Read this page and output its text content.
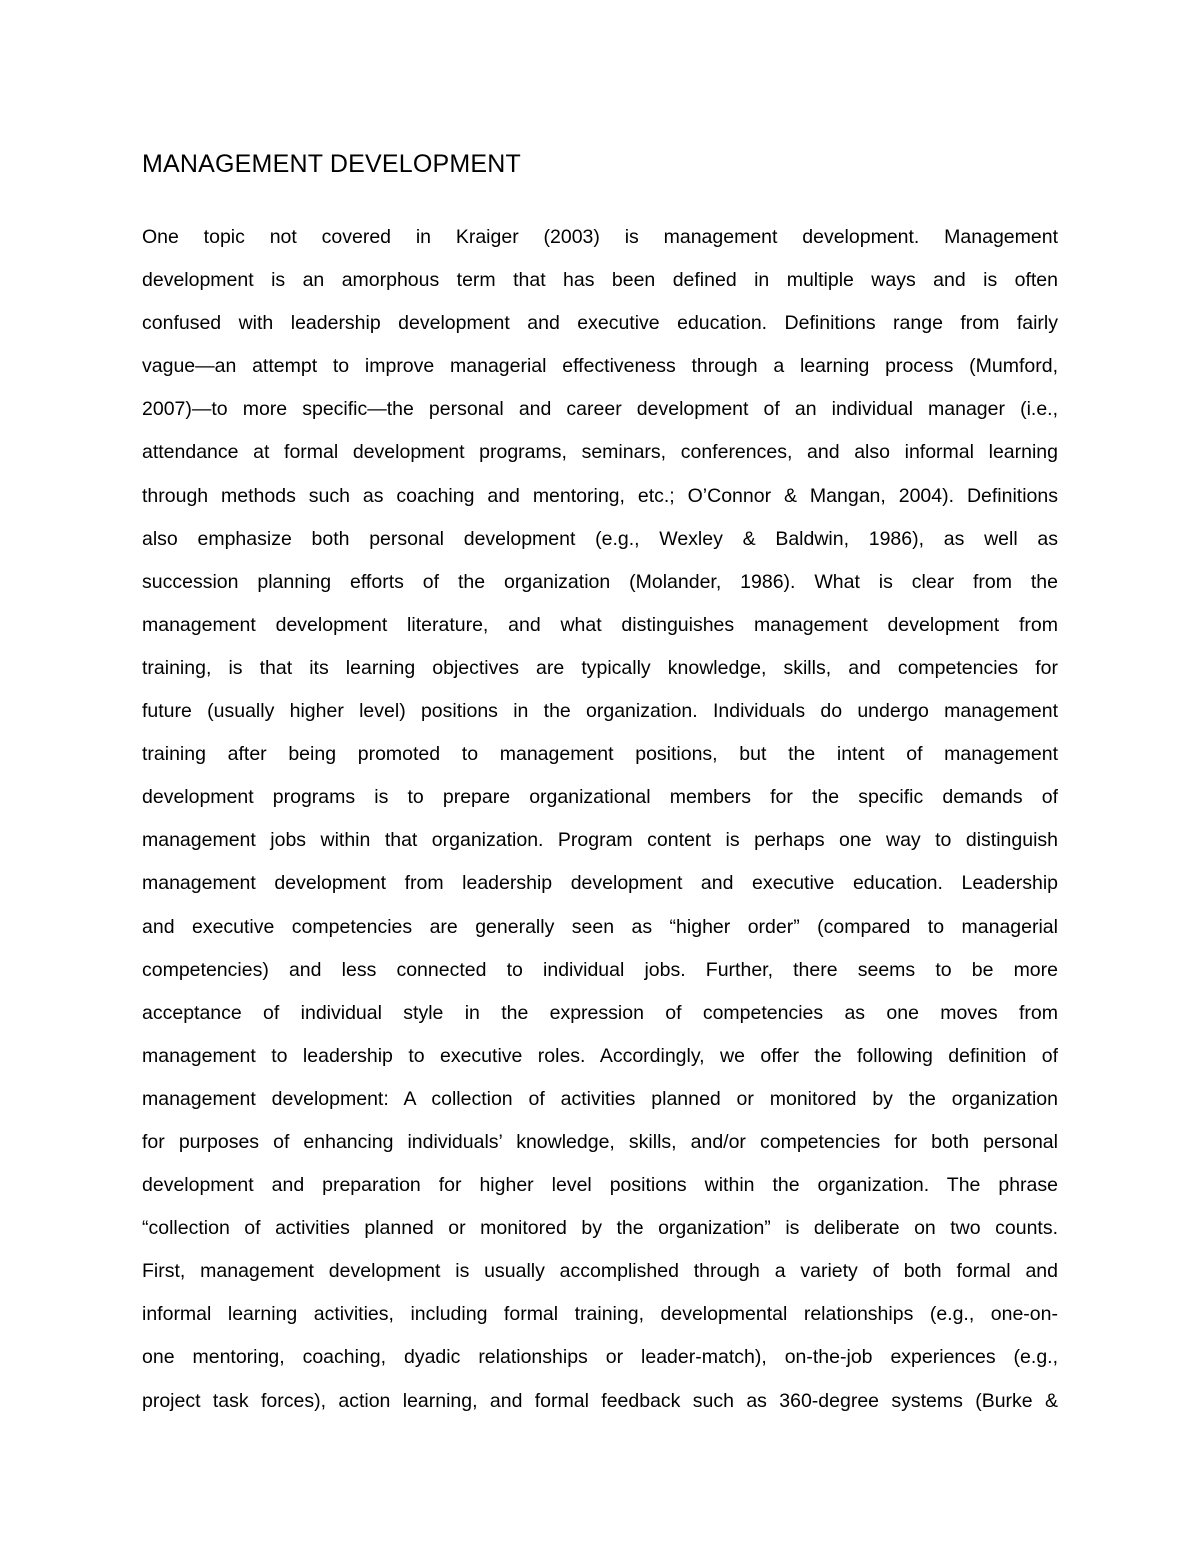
MANAGEMENT DEVELOPMENT

One topic not covered in Kraiger (2003) is management development. Management
development is an amorphous term that has been defined in multiple ways and is often
confused with leadership development and executive education. Definitions range from fairly
vague—an attempt to improve managerial effectiveness through a learning process (Mumford,
2007)—to more specific—the personal and career development of an individual manager (i.e.,
attendance at formal development programs, seminars, conferences, and also informal learning
through methods such as coaching and mentoring, etc.; O’Connor & Mangan, 2004). Definitions
also emphasize both personal development (e.g., Wexley & Baldwin, 1986), as well as
succession planning efforts of the organization (Molander, 1986). What is clear from the
management development literature, and what distinguishes management development from
training, is that its learning objectives are typically knowledge, skills, and competencies for
future (usually higher level) positions in the organization. Individuals do undergo management
training after being promoted to management positions, but the intent of management
development programs is to prepare organizational members for the specific demands of
management jobs within that organization. Program content is perhaps one way to distinguish
management development from leadership development and executive education. Leadership
and executive competencies are generally seen as “higher order” (compared to managerial
competencies) and less connected to individual jobs. Further, there seems to be more
acceptance of individual style in the expression of competencies as one moves from
management to leadership to executive roles. Accordingly, we offer the following definition of
management development: A collection of activities planned or monitored by the organization
for purposes of enhancing individuals’ knowledge, skills, and/or competencies for both personal
development and preparation for higher level positions within the organization. The phrase
“collection of activities planned or monitored by the organization” is deliberate on two counts.
First, management development is usually accomplished through a variety of both formal and
informal learning activities, including formal training, developmental relationships (e.g., one-on-
one mentoring, coaching, dyadic relationships or leader-match), on-the-job experiences (e.g.,
project task forces), action learning, and formal feedback such as 360-degree systems (Burke &
